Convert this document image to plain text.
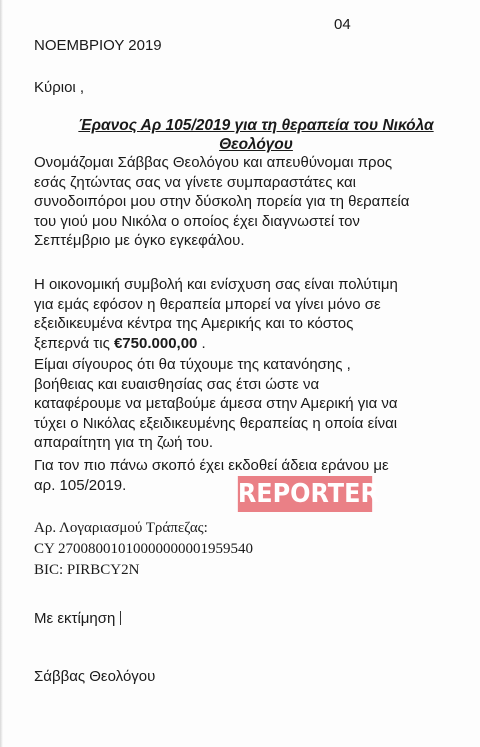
04
ΝΟΕΜΒΡΙΟΥ 2019
Κύριοι ,
Έρανος Αρ 105/2019 για τη θεραπεία του Νικόλα
Θεολόγου
Ονομάζομαι Σάββας Θεολόγου και απευθύνομαι προς
εσάς ζητώντας σας να γίνετε συμπαραστάτες και
συνοδοιπόροι μου στην δύσκολη πορεία για τη θεραπεία
του γιού μου Νικόλα ο οποίος έχει διαγνωστεί τον
Σεπτέμβριο με όγκο εγκεφάλου.
Η οικονομική συμβολή και ενίσχυση σας είναι πολύτιμη
για εμάς εφόσον η θεραπεία μπορεί να γίνει μόνο σε
εξειδικευμένα κέντρα της Αμερικής και το κόστος
ξεπερνά τις €750.000,00 .
Είμαι σίγουρος ότι θα τύχουμε της κατανόησης ,
βοήθειας και ευαισθησίας σας έτσι ώστε να
καταφέρουμε να μεταβούμε άμεσα στην Αμερική για να
τύχει ο Νικόλας εξειδικευμένης θεραπείας η οποία είναι
απαραίτητη για τη ζωή του.
Για τον πιο πάνω σκοπό έχει εκδοθεί άδεια εράνου με
αρ. 105/2019.
Αρ. Λογαριασμού Τράπεζας:
CY 27008001010000000001959540
BIC: PIRBCY2N
Με εκτίμηση
Σάββας Θεολόγου
REPORTER
